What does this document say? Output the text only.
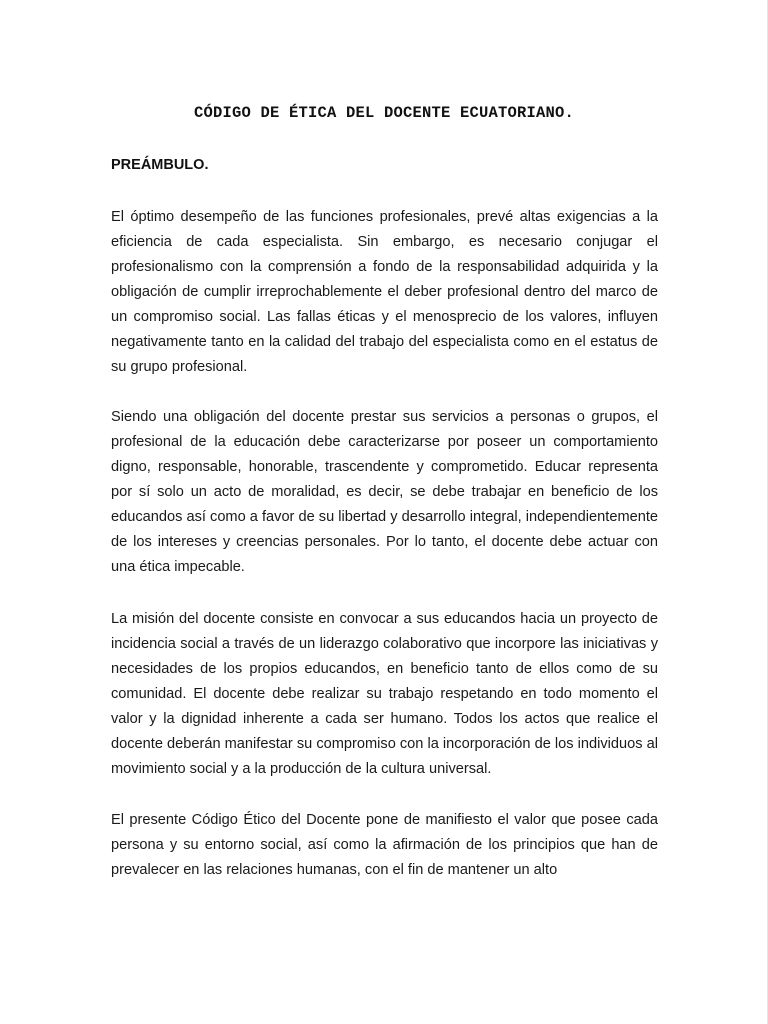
CÓDIGO DE ÉTICA DEL DOCENTE ECUATORIANO.
PREÁMBULO.

El óptimo desempeño de las funciones profesionales, prevé altas exigencias a la eficiencia de cada especialista. Sin embargo, es necesario conjugar el profesionalismo con la comprensión a fondo de la responsabilidad adquirida y la obligación de cumplir irreprochablemente el deber profesional dentro del marco de un compromiso social. Las fallas éticas y el menosprecio de los valores, influyen negativamente tanto en la calidad del trabajo del especialista como en el estatus de su grupo profesional.

Siendo una obligación del docente prestar sus servicios a personas o grupos, el profesional de la educación debe caracterizarse por poseer un comportamiento digno, responsable, honorable, trascendente y comprometido. Educar representa por sí solo un acto de moralidad, es decir, se debe trabajar en beneficio de los educandos así como a favor de su libertad y desarrollo integral, independientemente de los intereses y creencias personales. Por lo tanto, el docente debe actuar con una ética impecable.

La misión del docente consiste en convocar a sus educandos hacia un proyecto de incidencia social a través de un liderazgo colaborativo que incorpore las iniciativas y necesidades de los propios educandos, en beneficio tanto de ellos como de su comunidad. El docente debe realizar su trabajo respetando en todo momento el valor y la dignidad inherente a cada ser humano. Todos los actos que realice el docente deberán manifestar su compromiso con la incorporación de los individuos al movimiento social y a la producción de la cultura universal.

El presente Código Ético del Docente pone de manifiesto el valor que posee cada persona y su entorno social, así como la afirmación de los principios que han de prevalecer en las relaciones humanas, con el fin de mantener un alto
